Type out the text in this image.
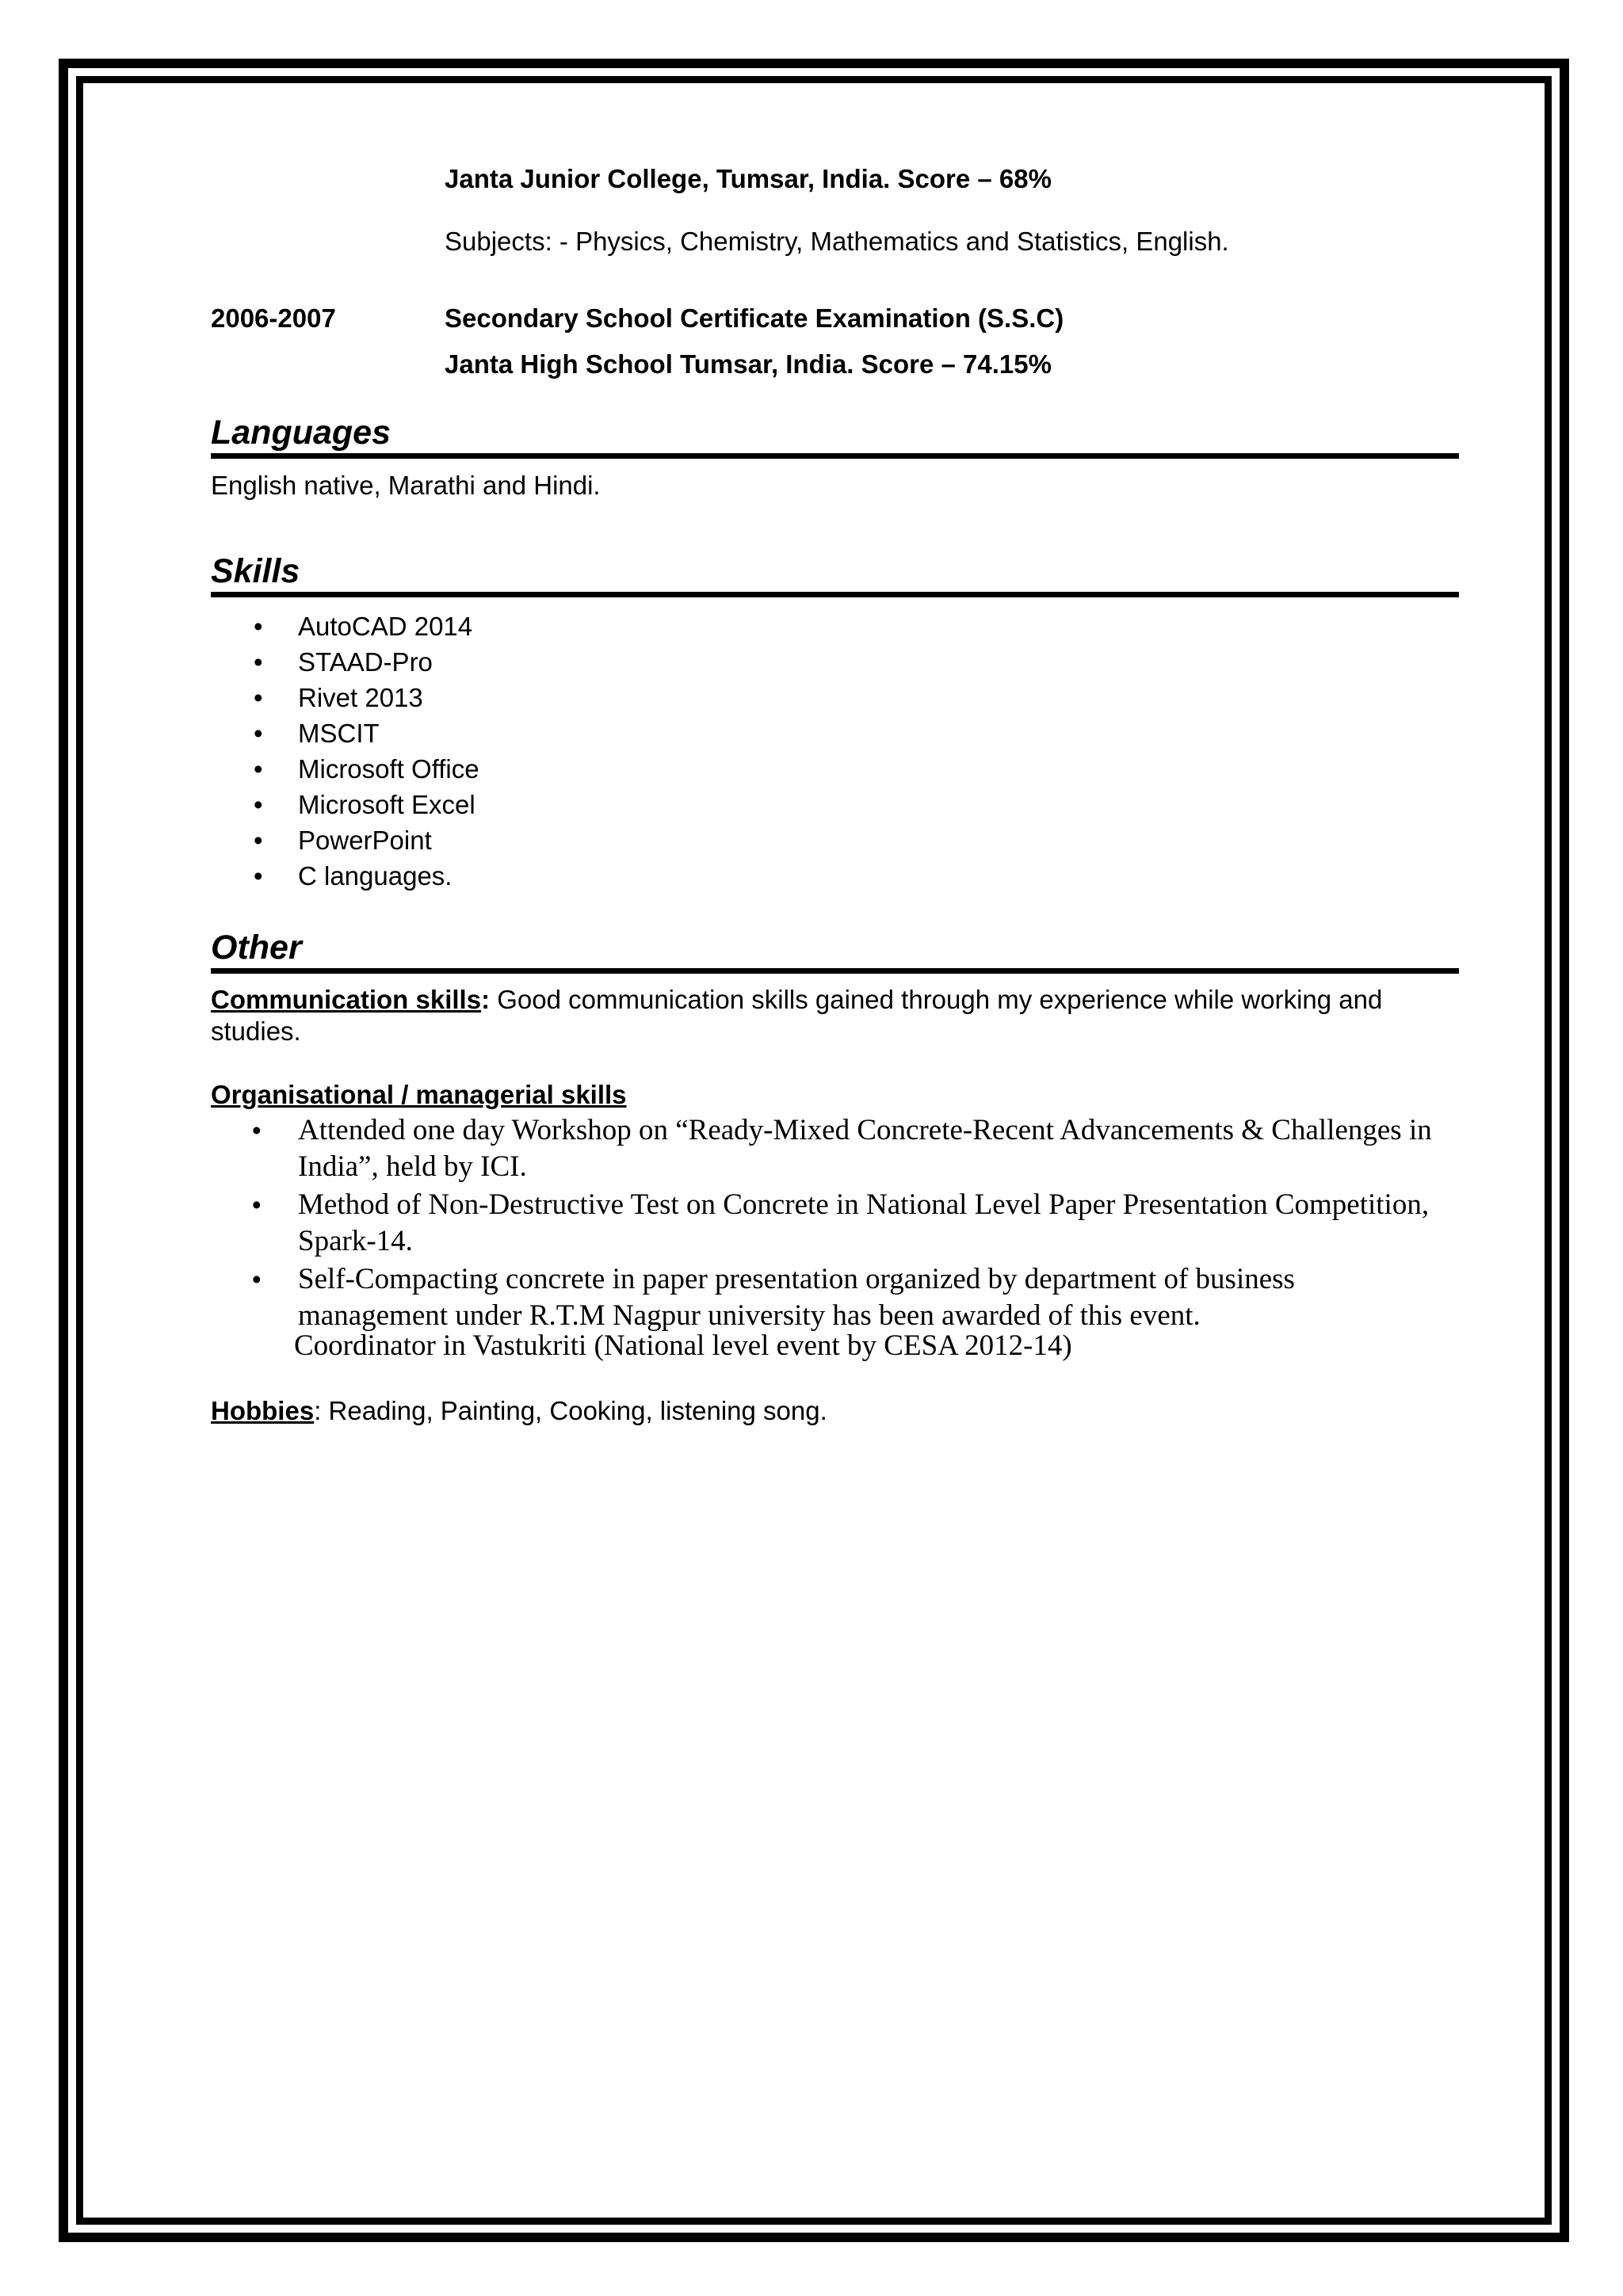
Janta Junior College, Tumsar, India. Score – 68%
Subjects: - Physics, Chemistry, Mathematics and Statistics, English.
2006-2007	Secondary School Certificate Examination (S.S.C)
Janta High School Tumsar, India. Score – 74.15%
Languages
English native, Marathi and Hindi.
Skills
• AutoCAD 2014
• STAAD-Pro
• Rivet 2013
• MSCIT
• Microsoft Office
• Microsoft Excel
• PowerPoint
• C languages.
Other
Communication skills: Good communication skills gained through my experience while working and studies.
Organisational / managerial skills
• Attended one day Workshop on “Ready-Mixed Concrete-Recent Advancements & Challenges in India”, held by ICI.
• Method of Non-Destructive Test on Concrete in National Level Paper Presentation Competition, Spark-14.
• Self-Compacting concrete in paper presentation organized by department of business management under R.T.M Nagpur university has been awarded of this event.
Coordinator in Vastukriti (National level event by CESA 2012-14)
Hobbies: Reading, Painting, Cooking, listening song.
